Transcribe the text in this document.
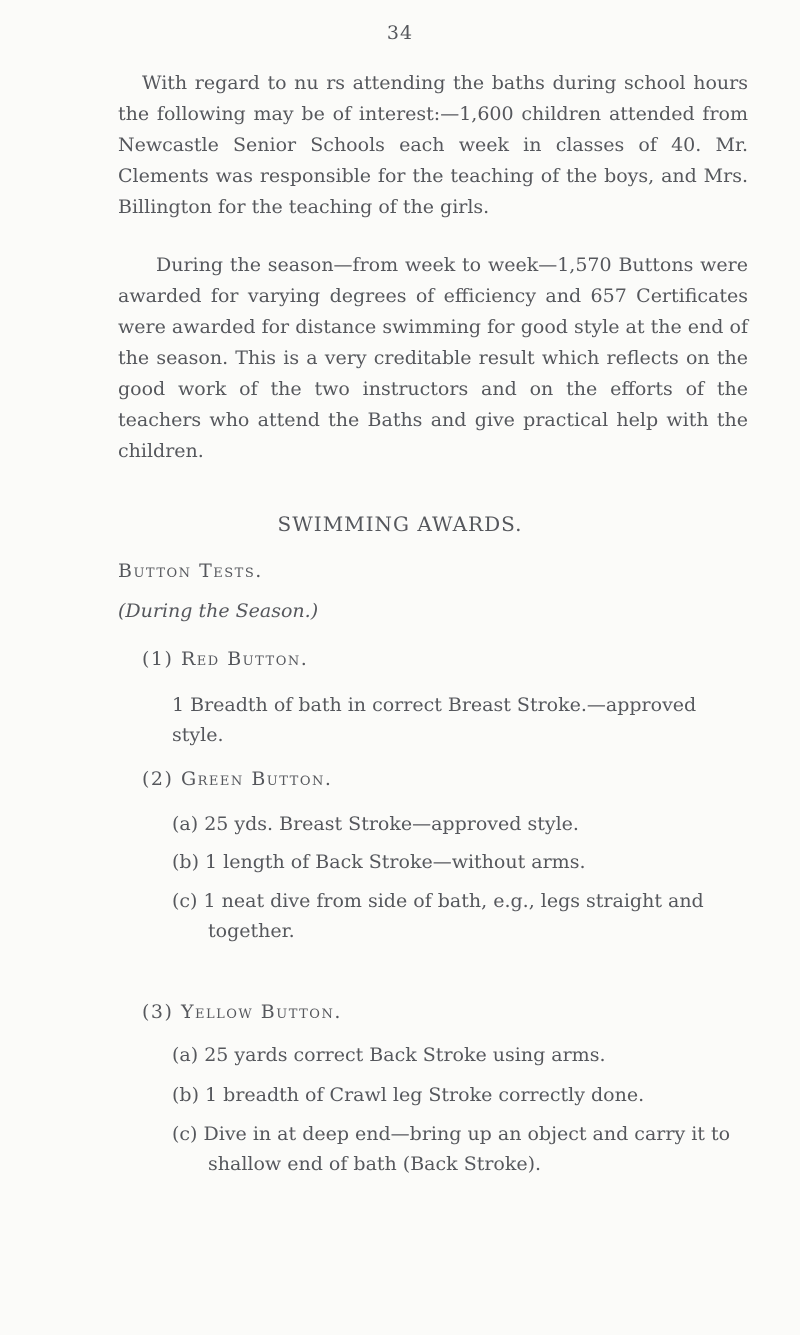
34

With regard to nu rs attending the baths during school hours the following may be of interest:—1,600 children attended from Newcastle Senior Schools each week in classes of 40. Mr. Clements was responsible for the teaching of the boys, and Mrs. Billington for the teaching of the girls.

During the season—from week to week—1,570 Buttons were awarded for varying degrees of efficiency and 657 Certificates were awarded for distance swimming for good style at the end of the season. This is a very creditable result which reflects on the good work of the two instructors and on the efforts of the teachers who attend the Baths and give practical help with the children.

SWIMMING AWARDS.
Button Tests.
(During the Season.)
(1) Red Button.
1 Breadth of bath in correct Breast Stroke.—approved style.
(2) Green Button.
(a) 25 yds. Breast Stroke—approved style.
(b) 1 length of Back Stroke—without arms.
(c) 1 neat dive from side of bath, e.g., legs straight and together.
(3) Yellow Button.
(a) 25 yards correct Back Stroke using arms.
(b) 1 breadth of Crawl leg Stroke correctly done.
(c) Dive in at deep end—bring up an object and carry it to shallow end of bath (Back Stroke).
